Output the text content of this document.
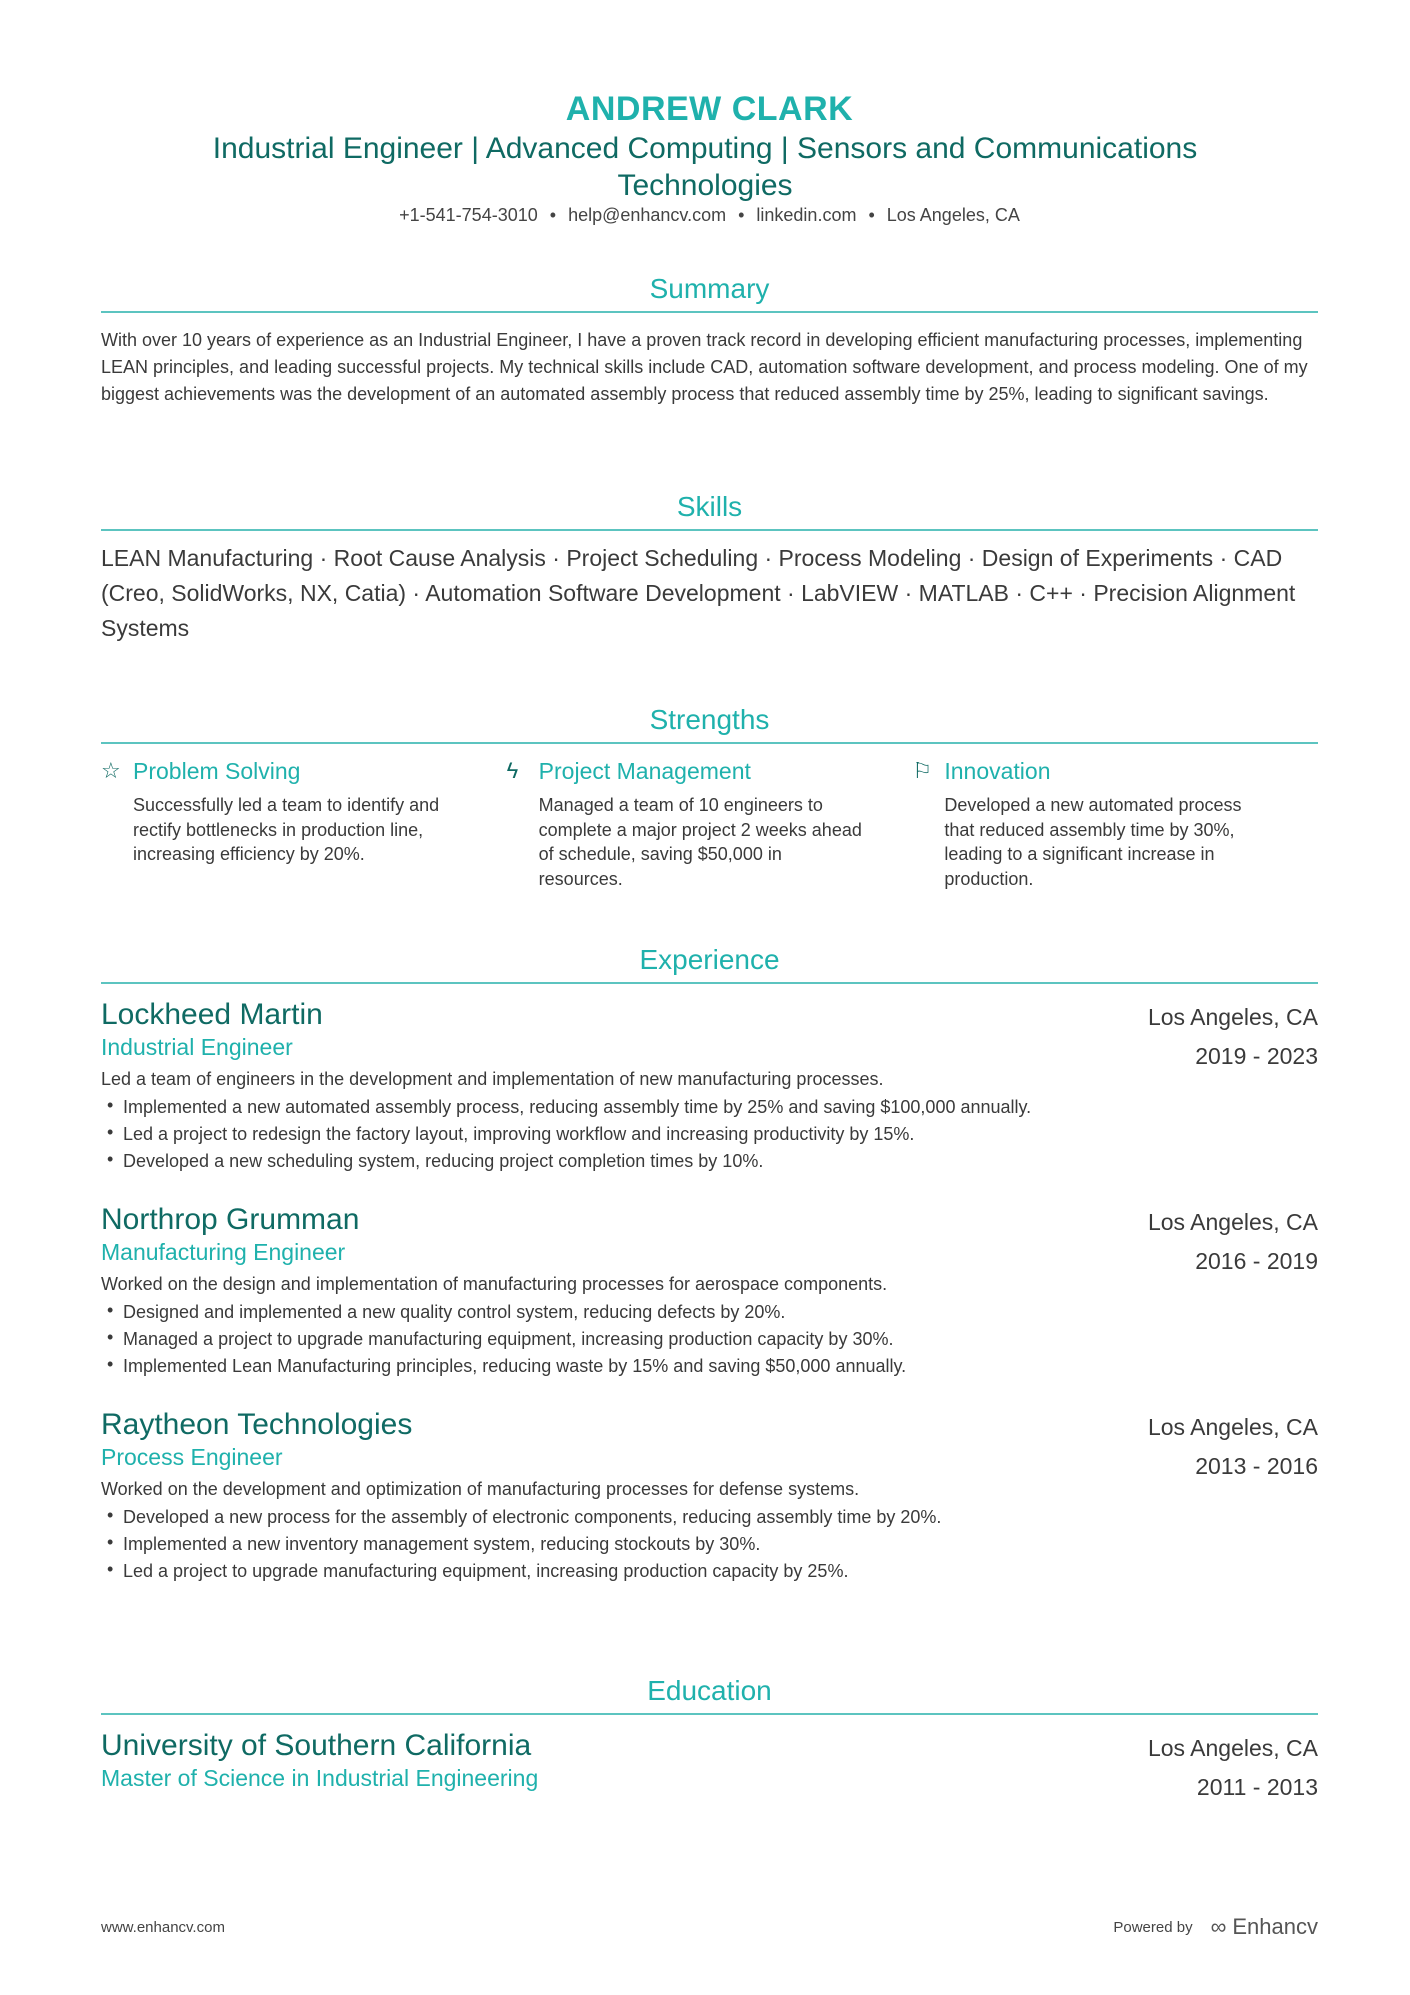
ANDREW CLARK
Industrial Engineer | Advanced Computing | Sensors and Communications Technologies
+1-541-754-3010 • help@enhancv.com • linkedin.com • Los Angeles, CA
Summary
With over 10 years of experience as an Industrial Engineer, I have a proven track record in developing efficient manufacturing processes, implementing LEAN principles, and leading successful projects. My technical skills include CAD, automation software development, and process modeling. One of my biggest achievements was the development of an automated assembly process that reduced assembly time by 25%, leading to significant savings.
Skills
LEAN Manufacturing · Root Cause Analysis · Project Scheduling · Process Modeling · Design of Experiments · CAD (Creo, SolidWorks, NX, Catia) · Automation Software Development · LabVIEW · MATLAB · C++ · Precision Alignment Systems
Strengths
☆ Problem Solving
Successfully led a team to identify and rectify bottlenecks in production line, increasing efficiency by 20%.
ϟ Project Management
Managed a team of 10 engineers to complete a major project 2 weeks ahead of schedule, saving $50,000 in resources.
⚐ Innovation
Developed a new automated process that reduced assembly time by 30%, leading to a significant increase in production.
Experience
Lockheed Martin
Industrial Engineer
Los Angeles, CA
2019 - 2023
Led a team of engineers in the development and implementation of new manufacturing processes.
• Implemented a new automated assembly process, reducing assembly time by 25% and saving $100,000 annually.
• Led a project to redesign the factory layout, improving workflow and increasing productivity by 15%.
• Developed a new scheduling system, reducing project completion times by 10%.
Northrop Grumman
Manufacturing Engineer
Los Angeles, CA
2016 - 2019
Worked on the design and implementation of manufacturing processes for aerospace components.
• Designed and implemented a new quality control system, reducing defects by 20%.
• Managed a project to upgrade manufacturing equipment, increasing production capacity by 30%.
• Implemented Lean Manufacturing principles, reducing waste by 15% and saving $50,000 annually.
Raytheon Technologies
Process Engineer
Los Angeles, CA
2013 - 2016
Worked on the development and optimization of manufacturing processes for defense systems.
• Developed a new process for the assembly of electronic components, reducing assembly time by 20%.
• Implemented a new inventory management system, reducing stockouts by 30%.
• Led a project to upgrade manufacturing equipment, increasing production capacity by 25%.
Education
University of Southern California
Master of Science in Industrial Engineering
Los Angeles, CA
2011 - 2013
www.enhancv.com	Powered by ∞ Enhancv
